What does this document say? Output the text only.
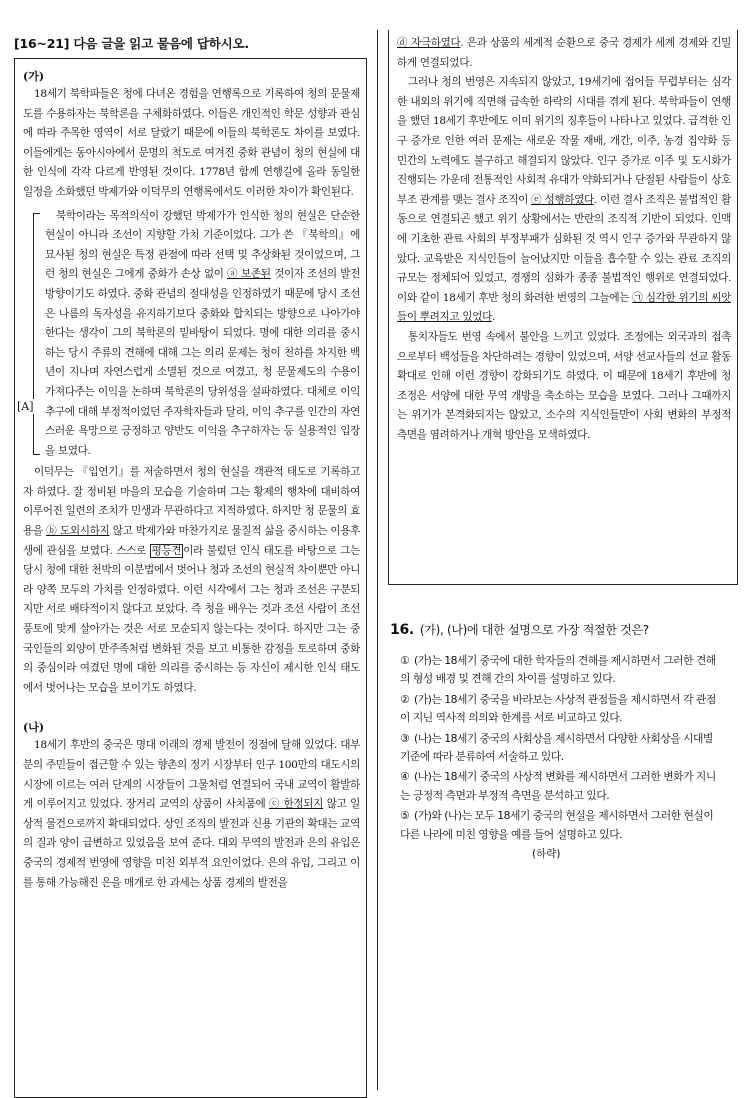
[16~21] 다음 글을 읽고 물음에 답하시오.
(가)

18세기 북학파들은 청에 다녀온 경험을 연행록으로 기록하여 청의 문물제도를 수용하자는 북학론을 구체화하였다. 이들은 개인적인 학문 성향과 관심에 따라 주목한 영역이 서로 달랐기 때문에 이들의 북학론도 차이를 보였다. 이들에게는 동아시아에서 문명의 척도로 여겨진 중화 관념이 청의 현실에 대한 인식에 각각 다르게 반영된 것이다. 1778년 함께 연행길에 올라 동일한 일정을 소화했던 박제가와 이덕무의 연행록에서도 이러한 차이가 확인된다.

[A]

북학이라는 목적의식이 강했던 박제가가 인식한 청의 현실은 단순한 현실이 아니라 조선이 지향할 가치 기준이었다. 그가 쓴 『북학의』에 묘사된 청의 현실은 특정 관점에 따라 선택 및 추상화된 것이었으며, 그런 청의 현실은 그에게 중화가 손상 없이 ⓐ 보존된 것이자 조선의 발전 방향이기도 하였다. 중화 관념의 절대성을 인정하였기 때문에 당시 조선은 나름의 독자성을 유지하기보다 중화와 합치되는 방향으로 나아가야 한다는 생각이 그의 북학론의 밑바탕이 되었다. 명에 대한 의리를 중시하는 당시 주류의 견해에 대해 그는 의리 문제는 청이 천하를 차지한 백 년이 지나며 자연스럽게 소멸된 것으로 여겼고, 청 문물제도의 수용이 가져다주는 이익을 논하며 북학론의 당위성을 설파하였다. 대체로 이익 추구에 대해 부정적이었던 주자학자들과 달리, 이익 추구를 인간의 자연스러운 욕망으로 긍정하고 양반도 이익을 추구하자는 등 실용적인 입장을 보였다.

이덕무는 『입연기』를 저술하면서 청의 현실을 객관적 태도로 기록하고자 하였다. 잘 정비된 마을의 모습을 기술하며 그는 황제의 행차에 대비하여 이루어진 일련의 조치가 민생과 무관하다고 지적하였다. 하지만 청 문물의 효용을 ⓑ 도외시하지 않고 박제가와 마찬가지로 물질적 삶을 중시하는 이용후생에 관심을 보였다. 스스로 평등견 이라 불렀던 인식 태도를 바탕으로 그는 당시 청에 대한 천박의 이분법에서 벗어나 청과 조선의 현실적 차이뿐만 아니라 양쪽 모두의 가치를 인정하였다. 이런 시각에서 그는 청과 조선은 구분되지만 서로 배타적이지 않다고 보았다. 즉 청을 배우는 것과 조선 사람이 조선 풍토에 맞게 살아가는 것은 서로 모순되지 않는다는 것이다. 하지만 그는 중국인들의 외양이 만주족처럼 변화된 것을 보고 비통한 감정을 토로하며 중화의 중심이라 여겼던 명에 대한 의리를 중시하는 등 자신이 제시한 인식 태도에서 벗어나는 모습을 보이기도 하였다.

(나)

18세기 후반의 중국은 명대 이래의 경제 발전이 정점에 달해 있었다. 대부분의 주민들이 접근할 수 있는 향촌의 정기 시장부터 인구 100만의 대도시의 시장에 이르는 여러 단계의 시장들이 그물처럼 연결되어 국내 교역이 활발하게 이루어지고 있었다. 장거리 교역의 상품이 사치품에 ⓒ 한정되지 않고 일상적 물건으로까지 확대되었다. 상인 조직의 발전과 신용 기관의 확대는 교역의 질과 양이 급변하고 있었음을 보여 준다. 대외 무역의 발전과 은의 유입은 중국의 경제적 번영에 영향을 미친 외부적 요인이었다. 은의 유입, 그리고 이를 통해 가능해진 은을 매개로 한 과세는 상품 경제의 발전을

ⓓ 자극하였다. 은과 상품의 세계적 순환으로 중국 경제가 세계 경제와 긴밀하게 연결되었다.

그러나 청의 번영은 지속되지 않았고, 19세기에 접어들 무렵부터는 심각한 내외의 위기에 직면해 급속한 하락의 시대를 겪게 된다. 북학파들이 연행을 했던 18세기 후반에도 이미 위기의 징후들이 나타나고 있었다. 급격한 인구 증가로 인한 여러 문제는 새로운 작물 재배, 개간, 이주, 농경 집약화 등 민간의 노력에도 불구하고 해결되지 않았다. 인구 증가로 이주 및 도시화가 진행되는 가운데 전통적인 사회적 유대가 약화되거나 단절된 사람들이 상호 부조 관계를 맺는 결사 조직이 ⓔ 성행하였다. 이런 결사 조직은 불법적인 활동으로 연결되곤 했고 위기 상황에서는 반란의 조직적 기반이 되었다. 인맥에 기초한 관료 사회의 부정부패가 심화된 것 역시 인구 증가와 무관하지 않았다. 교육받은 지식인들이 늘어났지만 이들을 흡수할 수 있는 관료 조직의 규모는 정체되어 있었고, 경쟁의 심화가 종종 불법적인 행위로 연결되었다. 이와 같이 18세기 후반 청의 화려한 번영의 그늘에는 ㉠ 심각한 위기의 씨앗들이 뿌려지고 있었다.

통치자들도 번영 속에서 불안을 느끼고 있었다. 조정에는 외국과의 접촉으로부터 백성들을 차단하려는 경향이 있었으며, 서양 선교사들의 선교 활동 확대로 인해 이런 경향이 강화되기도 하였다. 이 때문에 18세기 후반에 청 조정은 서양에 대한 무역 개방을 축소하는 모습을 보였다. 그러나 그때까지는 위기가 본격화되지는 않았고, 소수의 지식인들만이 사회 변화의 부정적 측면을 염려하거나 개혁 방안을 모색하였다.

16. (가), (나)에 대한 설명으로 가장 적절한 것은?
① (가)는 18세기 중국에 대한 학자들의 견해를 제시하면서 그러한 견해의 형성 배경 및 견해 간의 차이를 설명하고 있다.
② (가)는 18세기 중국을 바라보는 사상적 관점들을 제시하면서 각 관점이 지닌 역사적 의의와 한계를 서로 비교하고 있다.
③ (나)는 18세기 중국의 사회상을 제시하면서 다양한 사회상을 시대별 기준에 따라 분류하여 서술하고 있다.
④ (나)는 18세기 중국의 사상적 변화를 제시하면서 그러한 변화가 지니는 긍정적 측면과 부정적 측면을 분석하고 있다.
⑤ (가)와 (나)는 모두 18세기 중국의 현실을 제시하면서 그러한 현실이 다른 나라에 미친 영향을 예를 들어 설명하고 있다.
(하략)
